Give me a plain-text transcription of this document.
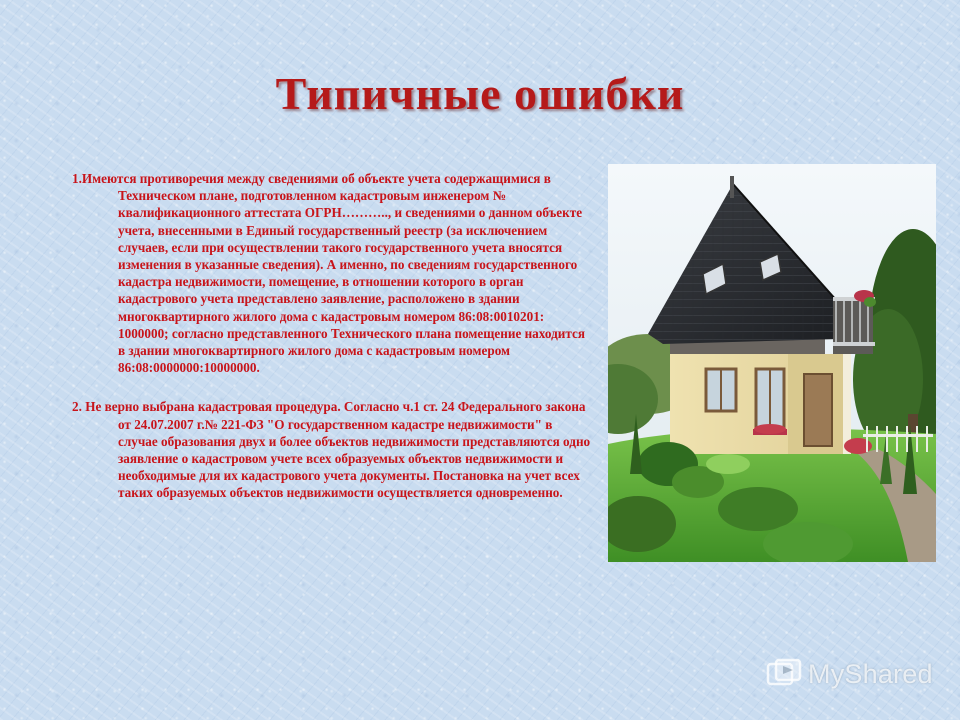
Типичные ошибки

1.Имеются противоречия между сведениями об объекте учета содержащимися в Техническом плане, подготовленном кадастровым инженером № квалификационного аттестата ОГРН……….., и сведениями о данном объекте учета, внесенными в Единый государственный реестр (за исключением случаев, если при осуществлении такого государственного учета вносятся изменения в указанные сведения). А именно, по сведениям государственного кадастра недвижимости, помещение, в отношении которого в орган кадастрового учета представлено заявление, расположено в здании многоквартирного жилого дома с кадастровым номером 86:08:0010201: 1000000; согласно представленного Технического плана помещение находится в здании многоквартирного жилого дома с кадастровым номером 86:08:0000000:10000000.

2. Не верно выбрана кадастровая процедура. Согласно ч.1 ст. 24 Федерального закона от 24.07.2007 г.№ 221-ФЗ "О государственном кадастре недвижимости" в случае образования двух и более объектов недвижимости представляются одно заявление о кадастровом учете всех образуемых объектов недвижимости и необходимые для их кадастрового учета документы. Постановка на учет всех таких образуемых объектов недвижимости осуществляется одновременно.

MyShared
